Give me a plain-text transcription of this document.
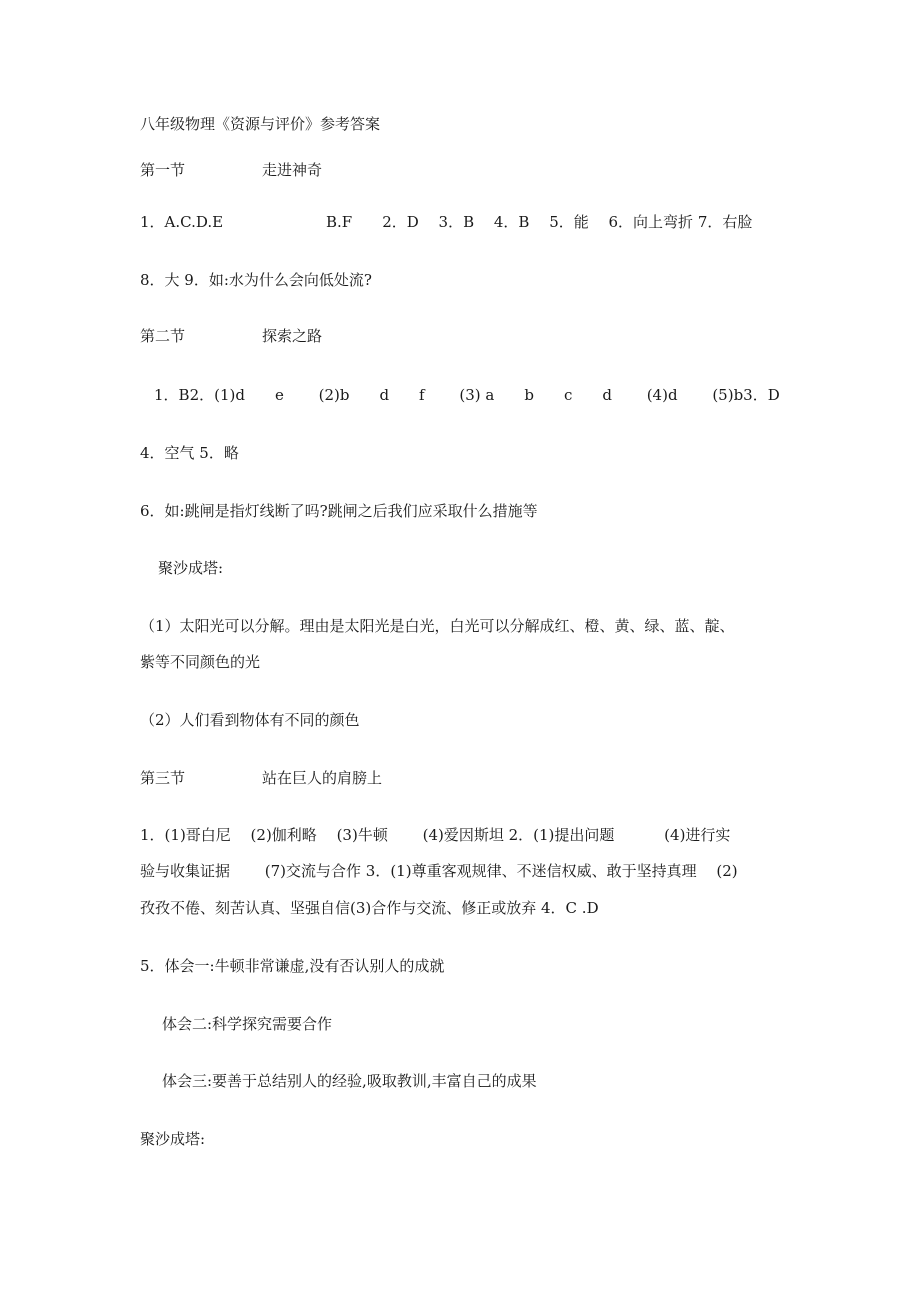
八年级物理《资源与评价》参考答案
第一节	走进神奇
1．A.C.D.E	B.F　　2．D　 3．B　 4．B　 5．能　 6．向上弯折 7．右脸
8．大 9．如:水为什么会向低处流?
第二节	探索之路
1．B2．(1)d　　e　　 (2)b　　d　　f　　 (3) a　　b　　c　　d　　 (4)d　　 (5)b3．D
4．空气 5．略
6．如:跳闸是指灯线断了吗?跳闸之后我们应采取什么措施等
聚沙成塔:
（1）太阳光可以分解。理由是太阳光是白光，白光可以分解成红、橙、黄、绿、蓝、靛、
紫等不同颜色的光
（2）人们看到物体有不同的颜色
第三节	站在巨人的肩膀上
1．(1)哥白尼　 (2)伽利略　 (3)牛顿　　 (4)爱因斯坦 2．(1)提出问题　　　 (4)进行实
验与收集证据　　 (7)交流与合作 3．(1)尊重客观规律、不迷信权威、敢于坚持真理　 (2)
孜孜不倦、刻苦认真、坚强自信(3)合作与交流、修正或放弃 4．C .D
5．体会一:牛顿非常谦虚,没有否认别人的成就
体会二:科学探究需要合作
体会三:要善于总结别人的经验,吸取教训,丰富自己的成果
聚沙成塔:
